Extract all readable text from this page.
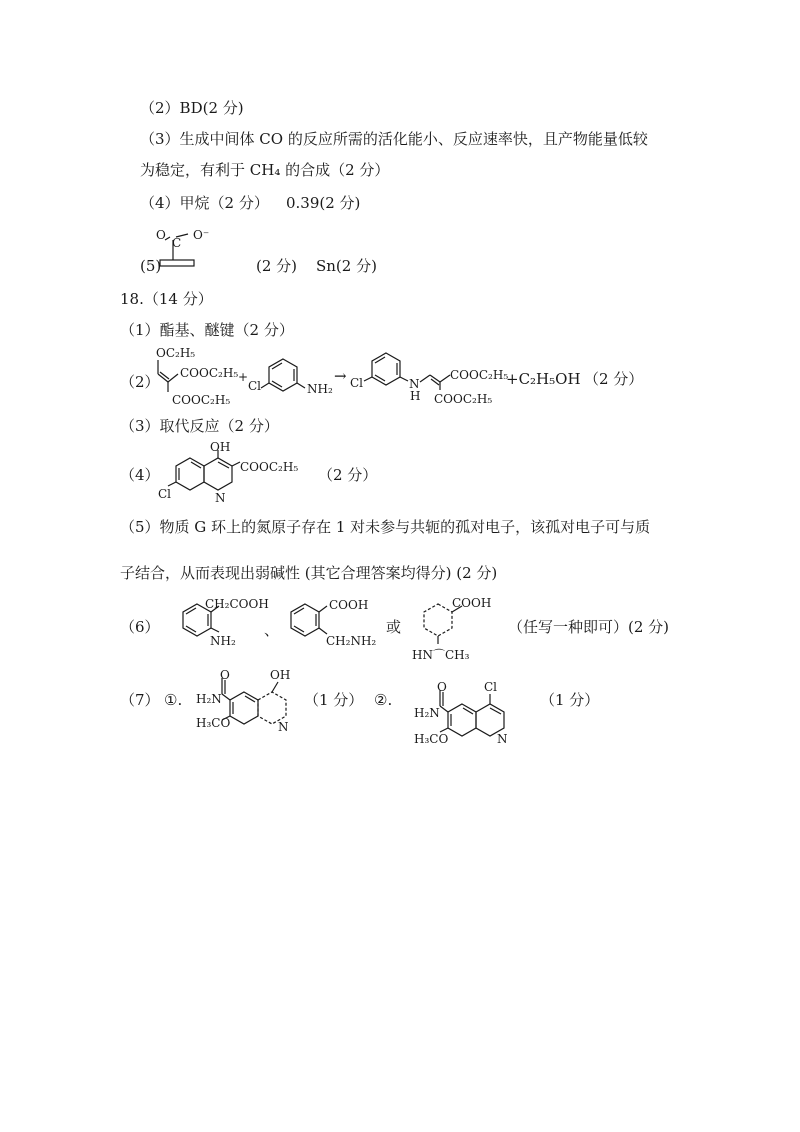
（2）BD(2 分)
（3）生成中间体 CO 的反应所需的活化能小、反应速率快，且产物能量低较
为稳定，有利于 CH₄ 的合成（2 分）
（4）甲烷（2 分） 0.39(2 分)
(5)
O
C
O⁻
(2 分) Sn(2 分)
18.（14 分）
（1）酯基、醚键（2 分）
（2）
OC₂H₅
COOC₂H₅
COOC₂H₅
+
Cl	NH₂
→ Cl	N
H
COOC₂H₅
COOC₂H₅
+C₂H₅OH （2 分）
（3）取代反应（2 分）
（4）
OH
COOC₂H₅
Cl	N
（2 分）
（5）物质 G 环上的氮原子存在 1 对未参与共轭的孤对电子，该孤对电子可与质
子结合，从而表现出弱碱性 (其它合理答案均得分) (2 分)
（6）
CH₂COOH
NH₂
、
COOH
CH₂NH₂
或
COOH
HN⌒CH₃
（任写一种即可）(2 分)
（7） ①.
O	OH
H₂N
H₃CO	N
（1 分） ②.
O	Cl
H₂N
H₃CO	N
（1 分）
